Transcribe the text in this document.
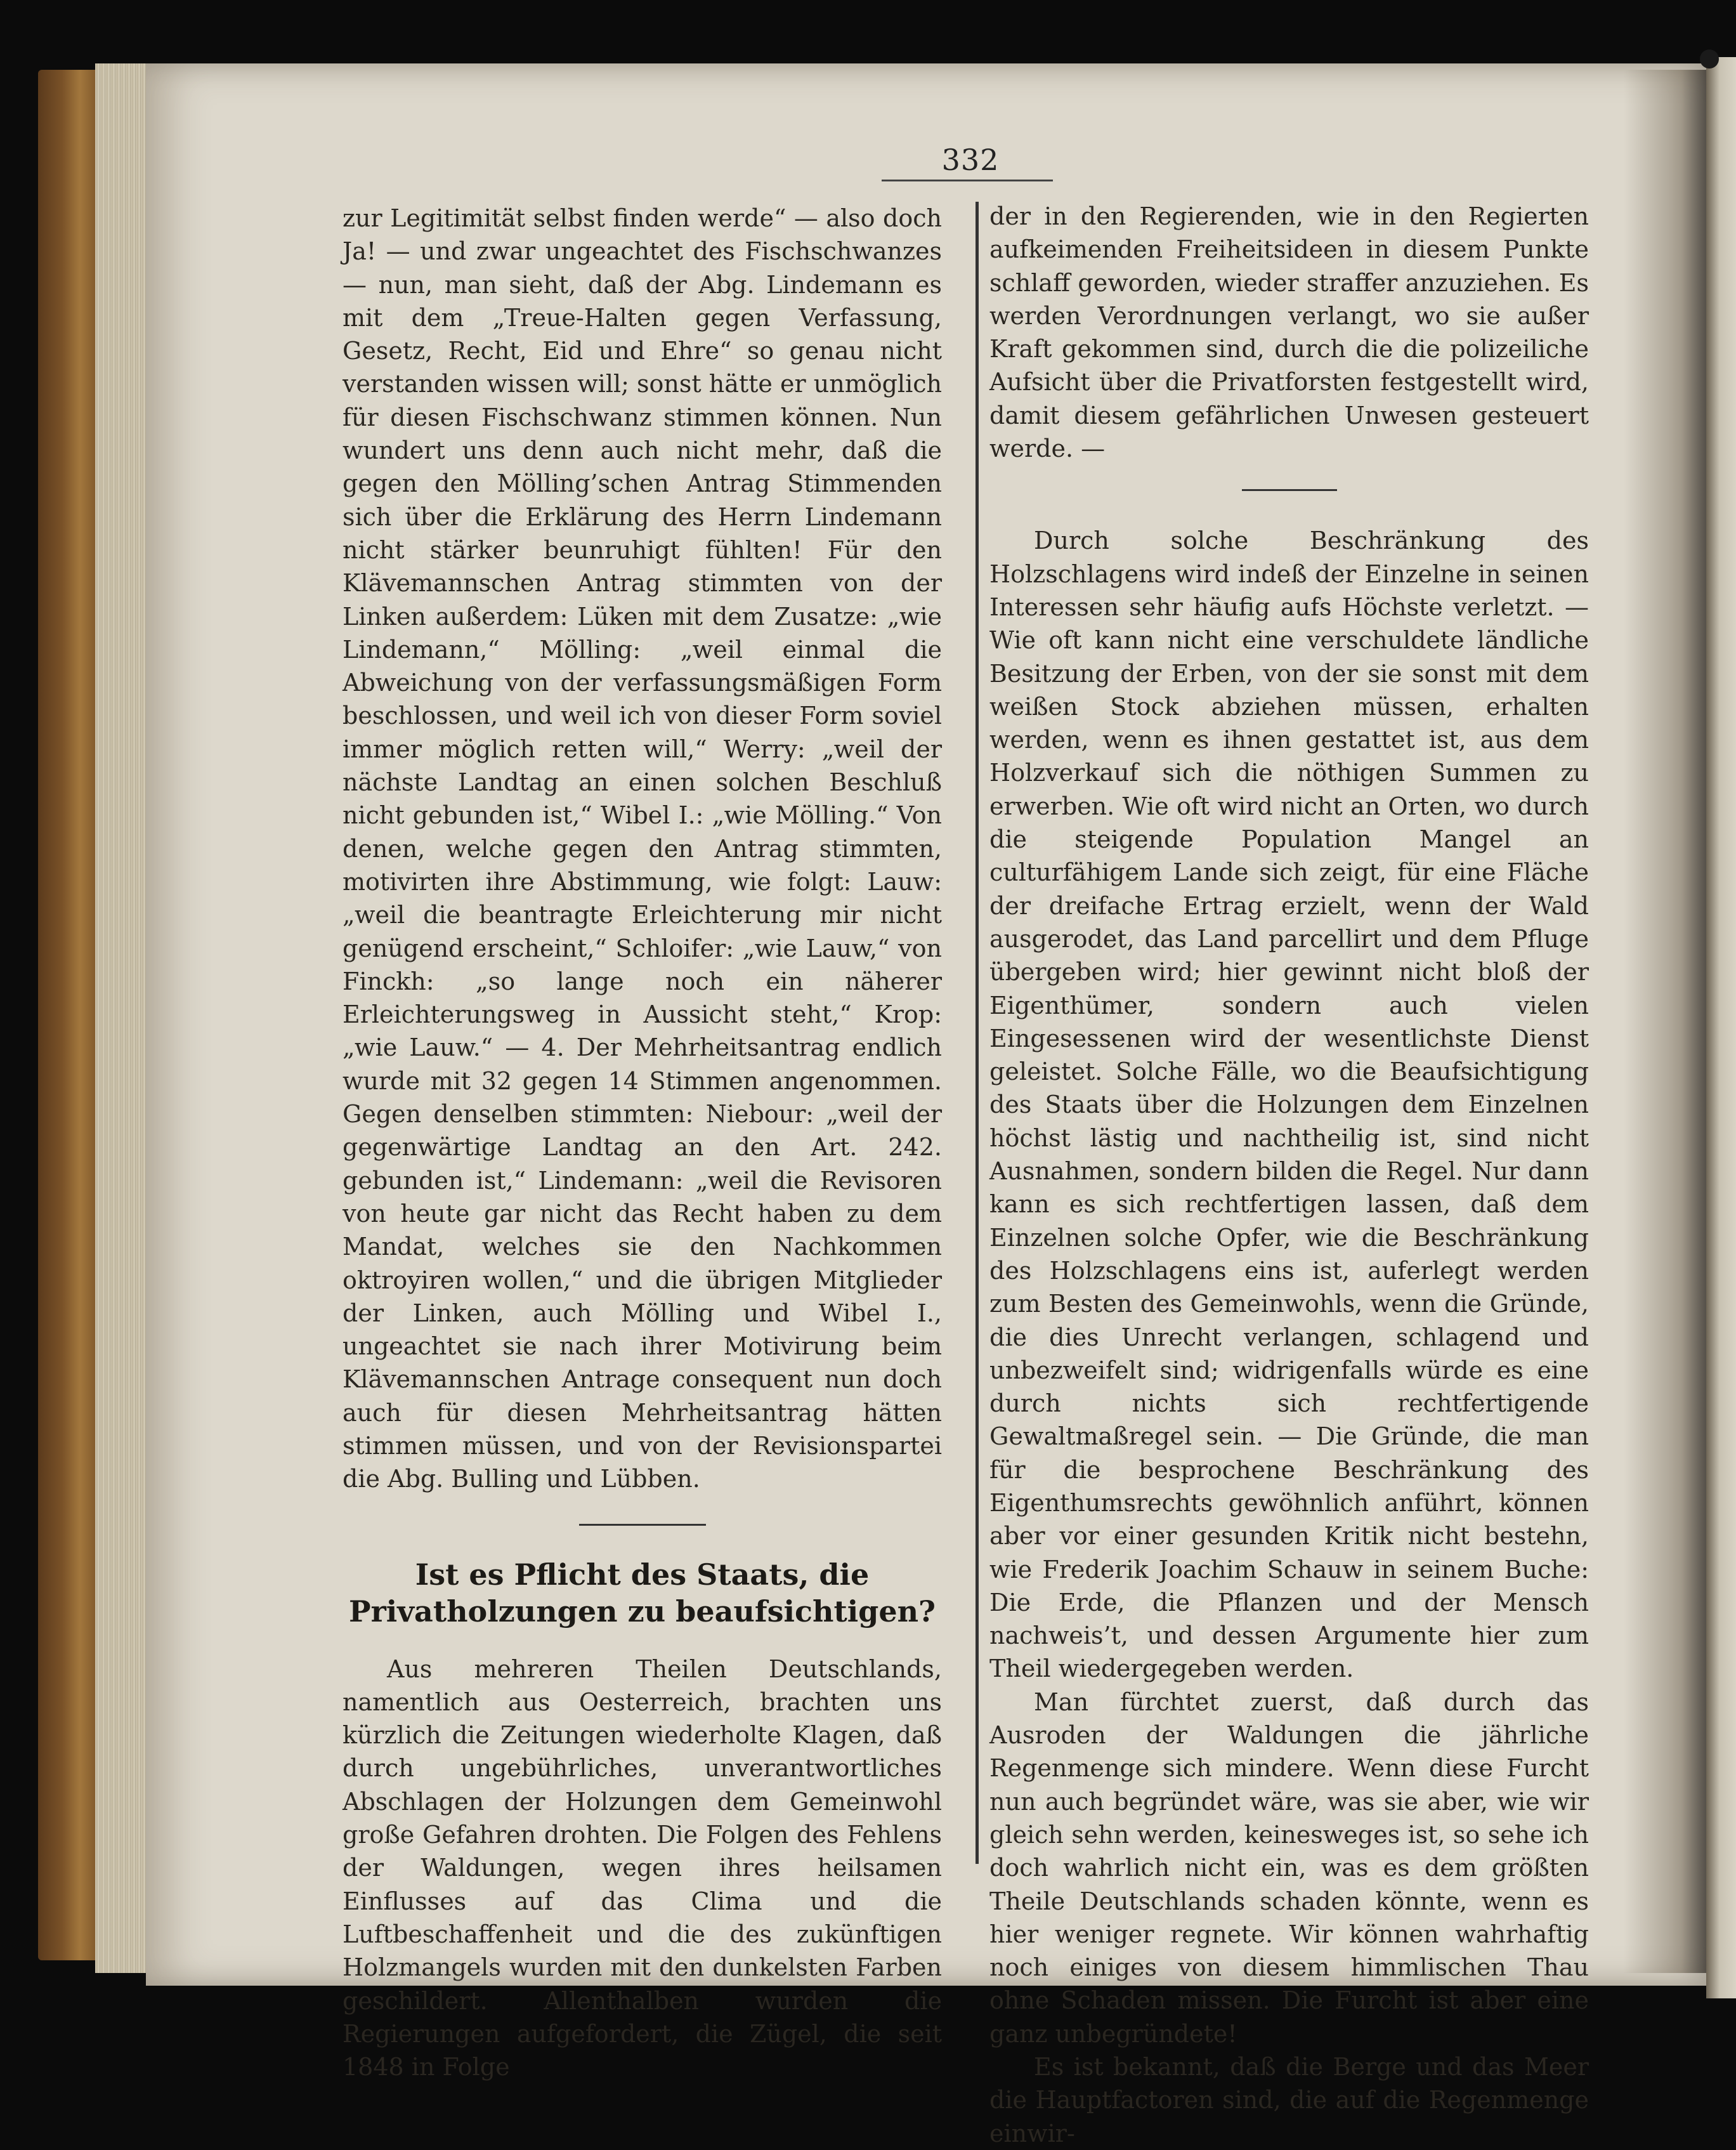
332

zur Legitimität selbst finden werde“ — also doch Ja! — und zwar ungeachtet des Fischschwanzes — nun, man sieht, daß der Abg. Lindemann es mit dem „Treue-Halten gegen Verfassung, Gesetz, Recht, Eid und Ehre“ so genau nicht verstanden wissen will; sonst hätte er unmöglich für diesen Fischschwanz stimmen können. Nun wundert uns denn auch nicht mehr, daß die gegen den Mölling’schen Antrag Stimmenden sich über die Erklärung des Herrn Lindemann nicht stärker beunruhigt fühlten! Für den Klävemannschen Antrag stimmten von der Linken außerdem: Lüken mit dem Zusatze: „wie Lindemann,“ Mölling: „weil einmal die Abweichung von der verfassungsmäßigen Form beschlossen, und weil ich von dieser Form soviel immer möglich retten will,“ Werry: „weil der nächste Landtag an einen solchen Beschluß nicht gebunden ist,“ Wibel I.: „wie Mölling.“ Von denen, welche gegen den Antrag stimmten, motivirten ihre Abstimmung, wie folgt: Lauw: „weil die beantragte Erleichterung mir nicht genügend erscheint,“ Schloifer: „wie Lauw,“ von Finckh: „so lange noch ein näherer Erleichterungsweg in Aussicht steht,“ Krop: „wie Lauw.“ — 4. Der Mehrheitsantrag endlich wurde mit 32 gegen 14 Stimmen angenommen. Gegen denselben stimmten: Niebour: „weil der gegenwärtige Landtag an den Art. 242. gebunden ist,“ Lindemann: „weil die Revisoren von heute gar nicht das Recht haben zu dem Mandat, welches sie den Nachkommen oktroyiren wollen,“ und die übrigen Mitglieder der Linken, auch Mölling und Wibel I., ungeachtet sie nach ihrer Motivirung beim Klävemannschen Antrage consequent nun doch auch für diesen Mehrheitsantrag hätten stimmen müssen, und von der Revisionspartei die Abg. Bulling und Lübben.

Ist es Pflicht des Staats, die Privatholzungen zu beaufsichtigen?

Aus mehreren Theilen Deutschlands, namentlich aus Oesterreich, brachten uns kürzlich die Zeitungen wiederholte Klagen, daß durch ungebührliches, unverantwortliches Abschlagen der Holzungen dem Gemeinwohl große Gefahren drohten. Die Folgen des Fehlens der Waldungen, wegen ihres heilsamen Einflusses auf das Clima und die Luftbeschaffenheit und die des zukünftigen Holzmangels wurden mit den dunkelsten Farben geschildert. Allenthalben wurden die Regierungen aufgefordert, die Zügel, die seit 1848 in Folge

der in den Regierenden, wie in den Regierten aufkeimenden Freiheitsideen in diesem Punkte schlaff geworden, wieder straffer anzuziehen. Es werden Verordnungen verlangt, wo sie außer Kraft gekommen sind, durch die die polizeiliche Aufsicht über die Privatforsten festgestellt wird, damit diesem gefährlichen Unwesen gesteuert werde. —

Durch solche Beschränkung des Holzschlagens wird indeß der Einzelne in seinen Interessen sehr häufig aufs Höchste verletzt. — Wie oft kann nicht eine verschuldete ländliche Besitzung der Erben, von der sie sonst mit dem weißen Stock abziehen müssen, erhalten werden, wenn es ihnen gestattet ist, aus dem Holzverkauf sich die nöthigen Summen zu erwerben. Wie oft wird nicht an Orten, wo durch die steigende Population Mangel an culturfähigem Lande sich zeigt, für eine Fläche der dreifache Ertrag erzielt, wenn der Wald ausgerodet, das Land parcellirt und dem Pfluge übergeben wird; hier gewinnt nicht bloß der Eigenthümer, sondern auch vielen Eingesessenen wird der wesentlichste Dienst geleistet. Solche Fälle, wo die Beaufsichtigung des Staats über die Holzungen dem Einzelnen höchst lästig und nachtheilig ist, sind nicht Ausnahmen, sondern bilden die Regel. Nur dann kann es sich rechtfertigen lassen, daß dem Einzelnen solche Opfer, wie die Beschränkung des Holzschlagens eins ist, auferlegt werden zum Besten des Gemeinwohls, wenn die Gründe, die dies Unrecht verlangen, schlagend und unbezweifelt sind; widrigenfalls würde es eine durch nichts sich rechtfertigende Gewaltmaßregel sein. — Die Gründe, die man für die besprochene Beschränkung des Eigenthumsrechts gewöhnlich anführt, können aber vor einer gesunden Kritik nicht bestehn, wie Frederik Joachim Schauw in seinem Buche: Die Erde, die Pflanzen und der Mensch nachweis’t, und dessen Argumente hier zum Theil wiedergegeben werden.

Man fürchtet zuerst, daß durch das Ausroden der Waldungen die jährliche Regenmenge sich mindere. Wenn diese Furcht nun auch begründet wäre, was sie aber, wie wir gleich sehn werden, keinesweges ist, so sehe ich doch wahrlich nicht ein, was es dem größten Theile Deutschlands schaden könnte, wenn es hier weniger regnete. Wir können wahrhaftig noch einiges von diesem himmlischen Thau ohne Schaden missen. Die Furcht ist aber eine ganz unbegründete!

Es ist bekannt, daß die Berge und das Meer die Hauptfactoren sind, die auf die Regenmenge einwir-
